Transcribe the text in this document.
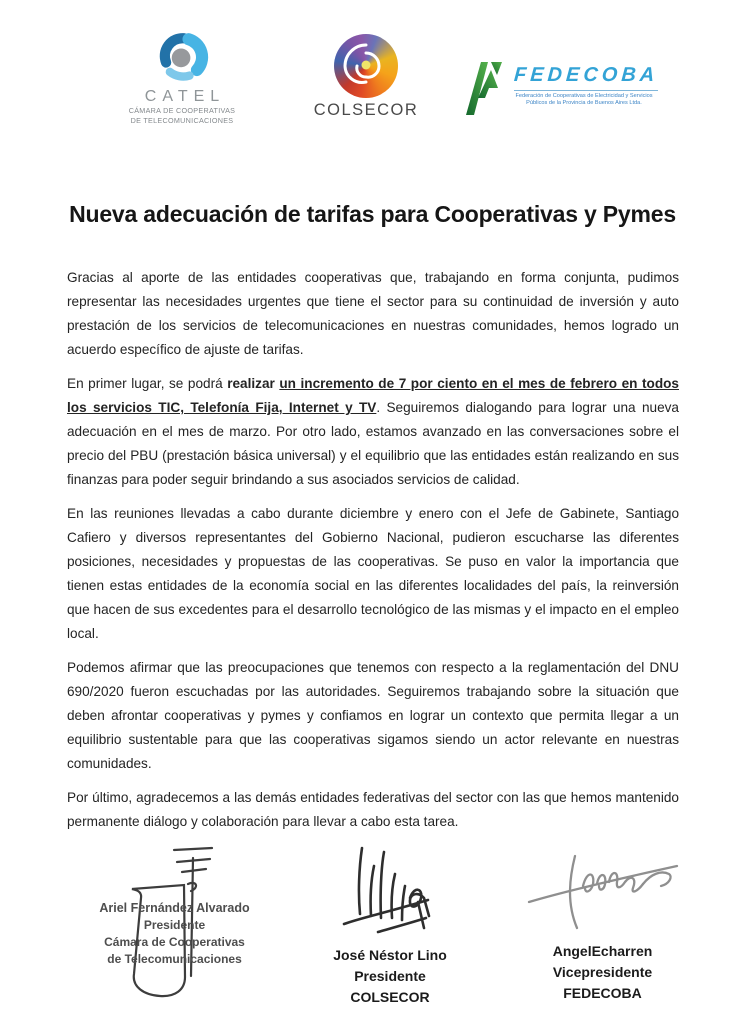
CATEL
CÁMARA DE COOPERATIVAS
DE TELECOMUNICACIONES
COLSECOR
FEDECOBA
Federación de Cooperativas de Electricidad y Servicios
Públicos de la Provincia de Buenos Aires Ltda.
Nueva adecuación de tarifas para Cooperativas y Pymes

Gracias al aporte de las entidades cooperativas que, trabajando en forma conjunta, pudimos representar las necesidades urgentes que tiene el sector para su continuidad de inversión y auto prestación de los servicios de telecomunicaciones en nuestras comunidades, hemos logrado un acuerdo específico de ajuste de tarifas.

En primer lugar, se podrá realizar un incremento de 7 por ciento en el mes de febrero en todos los servicios TIC, Telefonía Fija, Internet y TV. Seguiremos dialogando para lograr una nueva adecuación en el mes de marzo. Por otro lado, estamos avanzado en las conversaciones sobre el precio del PBU (prestación básica universal) y el equilibrio que las entidades están realizando en sus finanzas para poder seguir brindando a sus asociados servicios de calidad.

En las reuniones llevadas a cabo durante diciembre y enero con el Jefe de Gabinete, Santiago Cafiero y diversos representantes del Gobierno Nacional, pudieron escucharse las diferentes posiciones, necesidades y propuestas de las cooperativas. Se puso en valor la importancia que tienen estas entidades de la economía social en las diferentes localidades del país, la reinversión que hacen de sus excedentes para el desarrollo tecnológico de las mismas y el impacto en el empleo local.

Podemos afirmar que las preocupaciones que tenemos con respecto a la reglamentación del DNU 690/2020 fueron escuchadas por las autoridades. Seguiremos trabajando sobre la situación que deben afrontar cooperativas y pymes y confiamos en lograr un contexto que permita llegar a un equilibrio sustentable para que las cooperativas sigamos siendo un actor relevante en nuestras comunidades.

Por último, agradecemos a las demás entidades federativas del sector con las que hemos mantenido permanente diálogo y colaboración para llevar a cabo esta tarea.

Ariel Fernández Alvarado
Presidente
Cámara de Cooperativas
de Telecomunicaciones	José Néstor Lino
Presidente
COLSECOR
AngelEcharren
Vicepresidente
FEDECOBA
